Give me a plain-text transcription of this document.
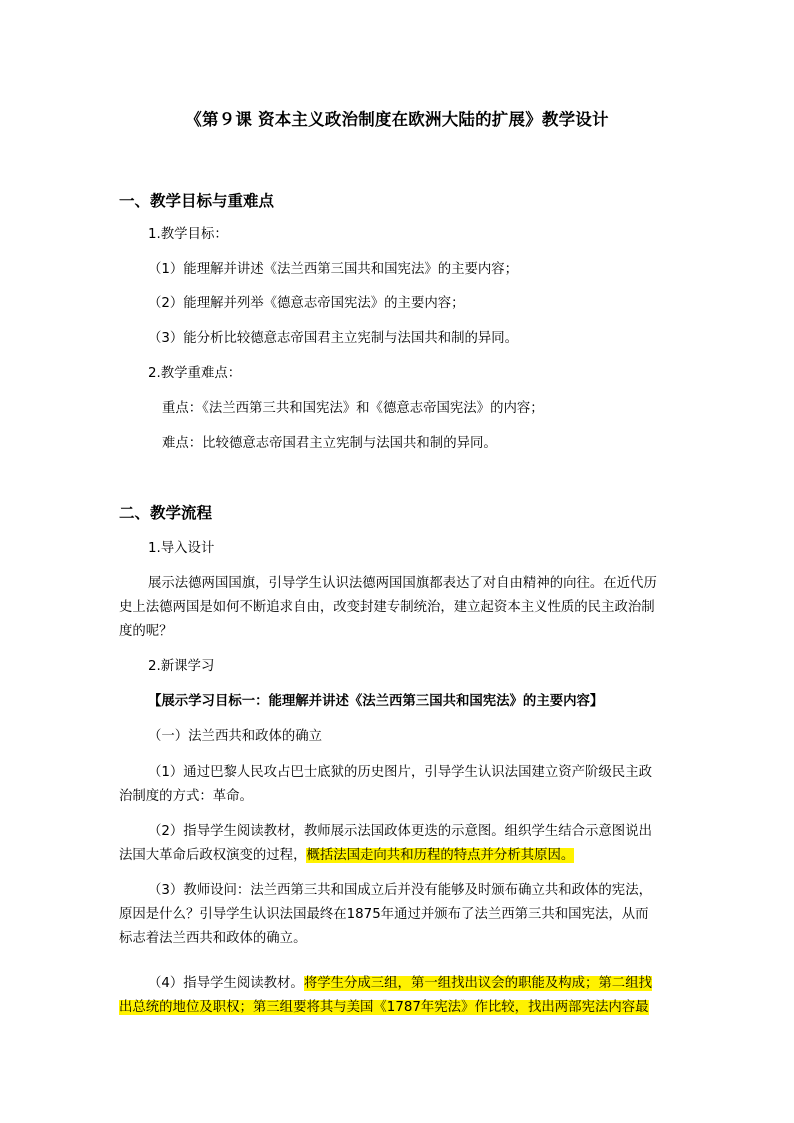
《第９课 资本主义政治制度在欧洲大陆的扩展》教学设计
一、教学目标与重难点
1.教学目标：
（1）能理解并讲述《法兰西第三国共和国宪法》的主要内容；
（2）能理解并列举《德意志帝国宪法》的主要内容；
（3）能分析比较德意志帝国君主立宪制与法国共和制的异同。
2.教学重难点：
重点：《法兰西第三共和国宪法》和《德意志帝国宪法》的内容；
难点：比较德意志帝国君主立宪制与法国共和制的异同。
二、教学流程
1.导入设计
展示法德两国国旗，引导学生认识法德两国国旗都表达了对自由精神的向往。在近代历
史上法德两国是如何不断追求自由，改变封建专制统治，建立起资本主义性质的民主政治制
度的呢？
2.新课学习
【展示学习目标一：能理解并讲述《法兰西第三国共和国宪法》的主要内容】
（一）法兰西共和政体的确立
（1）通过巴黎人民攻占巴士底狱的历史图片，引导学生认识法国建立资产阶级民主政
治制度的方式：革命。
（2）指导学生阅读教材，教师展示法国政体更迭的示意图。组织学生结合示意图说出
法国大革命后政权演变的过程，概括法国走向共和历程的特点并分析其原因。
（3）教师设问：法兰西第三共和国成立后并没有能够及时颁布确立共和政体的宪法，
原因是什么？引导学生认识法国最终在1875年通过并颁布了法兰西第三共和国宪法，从而
标志着法兰西共和政体的确立。
（4）指导学生阅读教材。将学生分成三组，第一组找出议会的职能及构成；第二组找
出总统的地位及职权；第三组要将其与美国《1787年宪法》作比较，找出两部宪法内容最
